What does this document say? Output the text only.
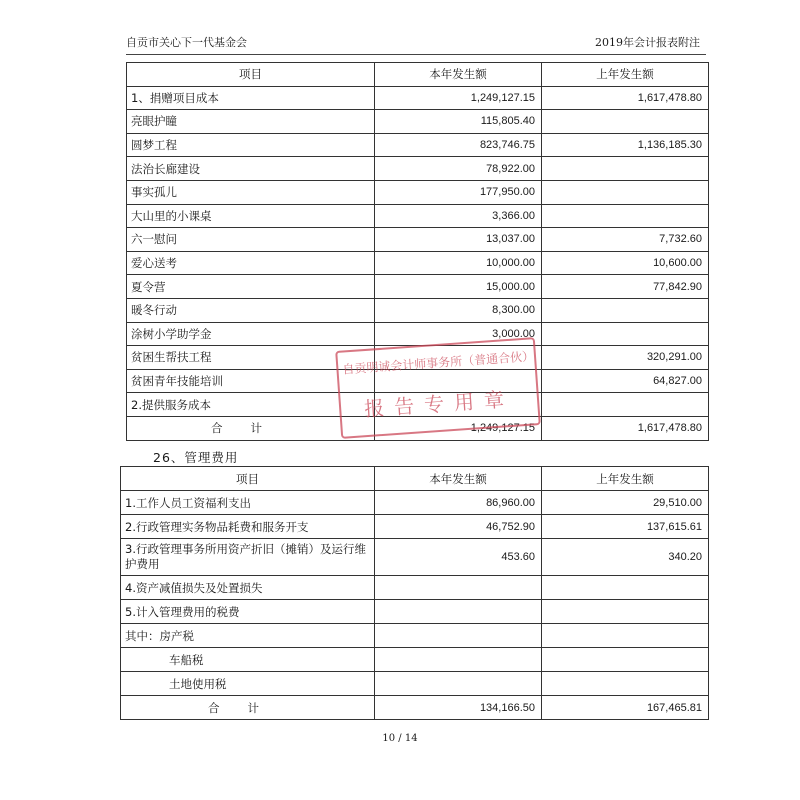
自贡市关心下一代基金会	2019年会计报表附注
项目	本年发生额	上年发生额
1、捐赠项目成本	1,249,127.15	1,617,478.80
亮眼护瞳	115,805.40	
圆梦工程	823,746.75	1,136,185.30
法治长廊建设	78,922.00	
事实孤儿	177,950.00	
大山里的小课桌	3,366.00	
六一慰问	13,037.00	7,732.60
爱心送考	10,000.00	10,600.00
夏令营	15,000.00	77,842.90
暖冬行动	8,300.00	
涂树小学助学金	3,000.00	
贫困生帮扶工程		320,291.00
贫困青年技能培训		64,827.00
2.提供服务成本		
合计	1,249,127.15	1,617,478.80
26、管理费用
项目	本年发生额	上年发生额
1.工作人员工资福利支出	86,960.00	29,510.00
2.行政管理实务物品耗费和服务开支	46,752.90	137,615.61
3.行政管理事务所用资产折旧（摊销）及运行维护费用	453.60	340.20
4.资产减值损失及处置损失		
5.计入管理费用的税费		
其中：房产税		
车船税		
土地使用税		
合计	134,166.50	167,465.81
自贡明诚会计师事务所（普通合伙）
报告专用章
10 / 14
